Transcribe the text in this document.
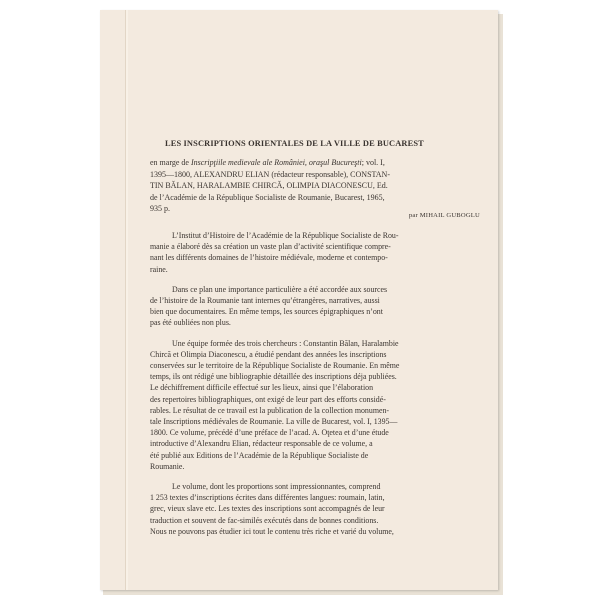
LES INSCRIPTIONS ORIENTALES DE LA VILLE DE BUCAREST
en marge de Inscripţiile medievale ale României, oraşul Bucureşti; vol. I,
1395—1800, ALEXANDRU ELIAN (rédacteur responsable), CONSTAN-
TIN BĂLAN, HARALAMBIE CHIRCĂ, OLIMPIA DIACONESCU, Ed.
de l’Académie de la République Socialiste de Roumanie, Bucarest, 1965,
935 p.
par MIHAIL GUBOGLU
L’Institut d’Histoire de l’Académie de la République Socialiste de Rou-
manie a élaboré dès sa création un vaste plan d’activité scientifique compre-
nant les différents domaines de l’histoire médiévale, moderne et contempo-
raine.
Dans ce plan une importance particulière a été accordée aux sources
de l’histoire de la Roumanie tant internes qu’étrangères, narratives, aussi
bien que documentaires. En même temps, les sources épigraphiques n’ont
pas été oubliées non plus.
Une équipe formée des trois chercheurs : Constantin Bălan, Haralambie
Chircă et Olimpia Diaconescu, a étudié pendant des années les inscriptions
conservées sur le territoire de la République Socialiste de Roumanie. En même
temps, ils ont rédigé une bibliographie détaillée des inscriptions déja publiées.
Le déchiffrement difficile effectué sur les lieux, ainsi que l’élaboration
des repertoires bibliographiques, ont exigé de leur part des efforts considé-
rables. Le résultat de ce travail est la publication de la collection monumen-
tale Inscriptions médiévales de Roumanie. La ville de Bucarest, vol. I, 1395—
1800. Ce volume, précédé d’une préface de l’acad. A. Oţetea et d’une étude
introductive d’Alexandru Elian, rédacteur responsable de ce volume, a
été publié aux Editions de l’Académie de la République Socialiste de
Roumanie.
Le volume, dont les proportions sont impressionnantes, comprend
1 253 textes d’inscriptions écrites dans différentes langues: roumain, latin,
grec, vieux slave etc. Les textes des inscriptions sont accompagnés de leur
traduction et souvent de fac-similés exécutés dans de bonnes conditions.
Nous ne pouvons pas étudier ici tout le contenu très riche et varié du volume,
